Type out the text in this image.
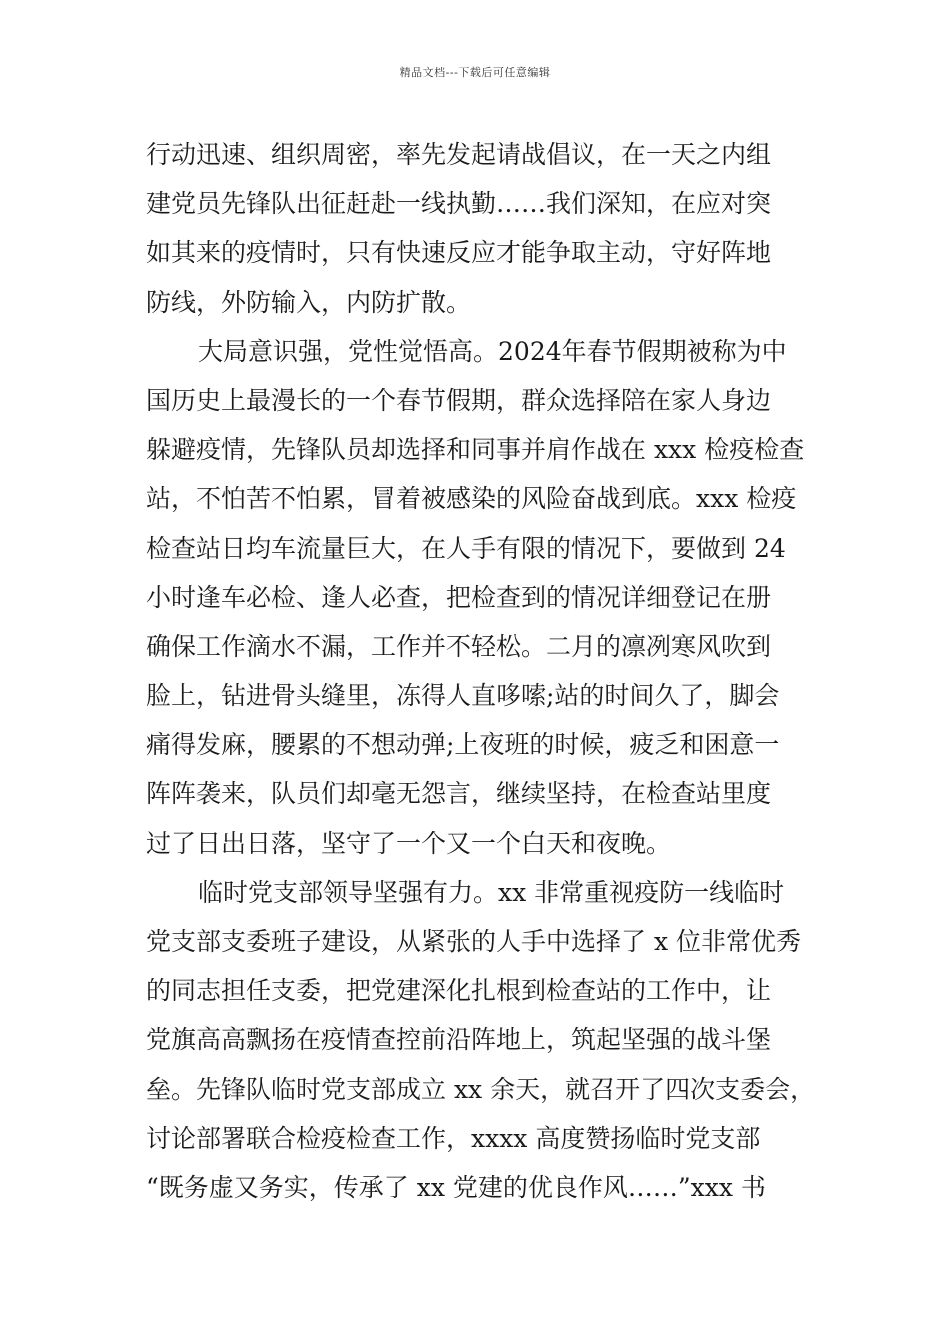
精品文档---下载后可任意编辑
行动迅速、组织周密，率先发起请战倡议，在一天之内组
建党员先锋队出征赶赴一线执勤……我们深知，在应对突
如其来的疫情时，只有快速反应才能争取主动，守好阵地
防线，外防输入，内防扩散。
大局意识强，党性觉悟高。2024年春节假期被称为中
国历史上最漫长的一个春节假期，群众选择陪在家人身边
躲避疫情，先锋队员却选择和同事并肩作战在 xxx 检疫检查
站，不怕苦不怕累，冒着被感染的风险奋战到底。xxx 检疫
检查站日均车流量巨大，在人手有限的情况下，要做到 24
小时逢车必检、逢人必查，把检查到的情况详细登记在册
确保工作滴水不漏，工作并不轻松。二月的凛冽寒风吹到
脸上，钻进骨头缝里，冻得人直哆嗦;站的时间久了，脚会
痛得发麻，腰累的不想动弹;上夜班的时候，疲乏和困意一
阵阵袭来，队员们却毫无怨言，继续坚持，在检查站里度
过了日出日落，坚守了一个又一个白天和夜晚。
临时党支部领导坚强有力。xx 非常重视疫防一线临时
党支部支委班子建设，从紧张的人手中选择了 x 位非常优秀
的同志担任支委，把党建深化扎根到检查站的工作中，让
党旗高高飘扬在疫情查控前沿阵地上，筑起坚强的战斗堡
垒。先锋队临时党支部成立 xx 余天，就召开了四次支委会，
讨论部署联合检疫检查工作，xxxx 高度赞扬临时党支部
“既务虚又务实，传承了 xx 党建的优良作风……”xxx 书
